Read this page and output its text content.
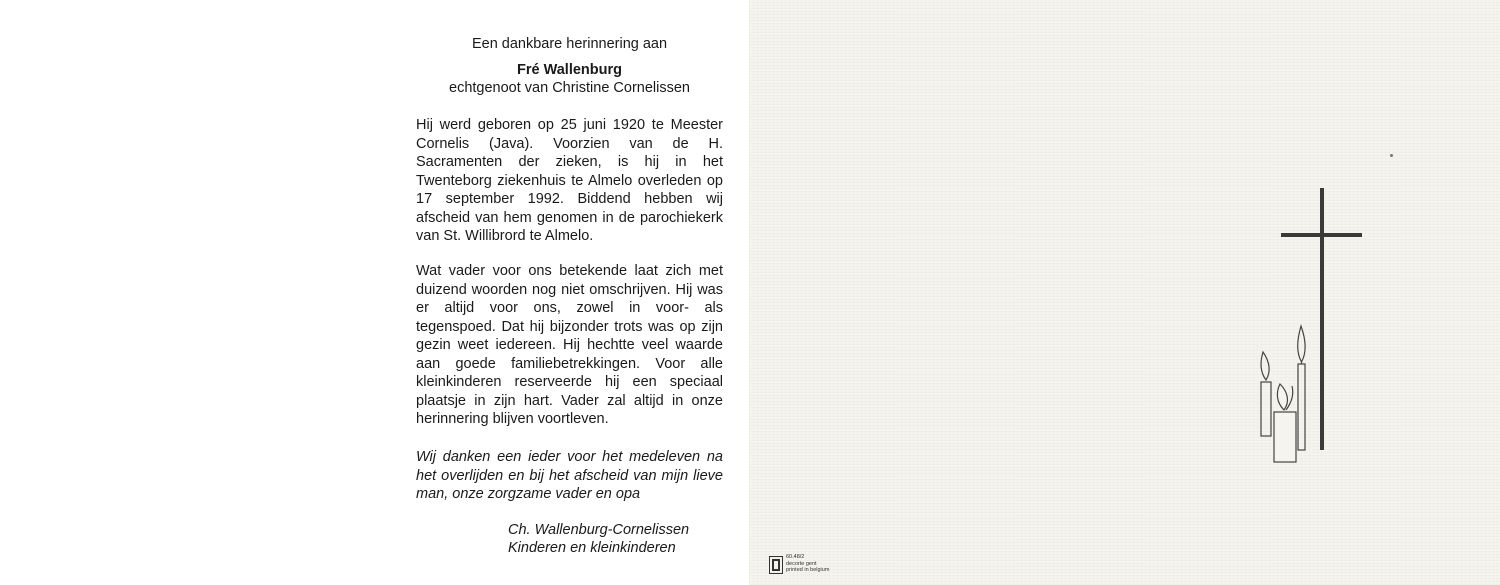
Een dankbare herinnering aan

Fré Wallenburg

echtgenoot van Christine Cornelissen

Hij werd geboren op 25 juni 1920 te Meester Cornelis (Java). Voorzien van de H. Sacramenten der zieken, is hij in het Twenteborg ziekenhuis te Almelo overleden op 17 september 1992. Biddend hebben wij afscheid van hem genomen in de parochiekerk van St. Willibrord te Almelo.

Wat vader voor ons betekende laat zich met duizend woorden nog niet omschrijven. Hij was er altijd voor ons, zowel in voor- als tegenspoed. Dat hij bijzonder trots was op zijn gezin weet iedereen. Hij hechtte veel waarde aan goede familiebetrekkingen. Voor alle kleinkinderen reserveerde hij een speciaal plaatsje in zijn hart. Vader zal altijd in onze herinnering blijven voortleven.

Wij danken een ieder voor het medeleven na het overlijden en bij het afscheid van mijn lieve man, onze zorgzame vader en opa

Ch. Wallenburg-Cornelissen

Kinderen en kleinkinderen

60.48/2
decorte gent
printed in belgium
